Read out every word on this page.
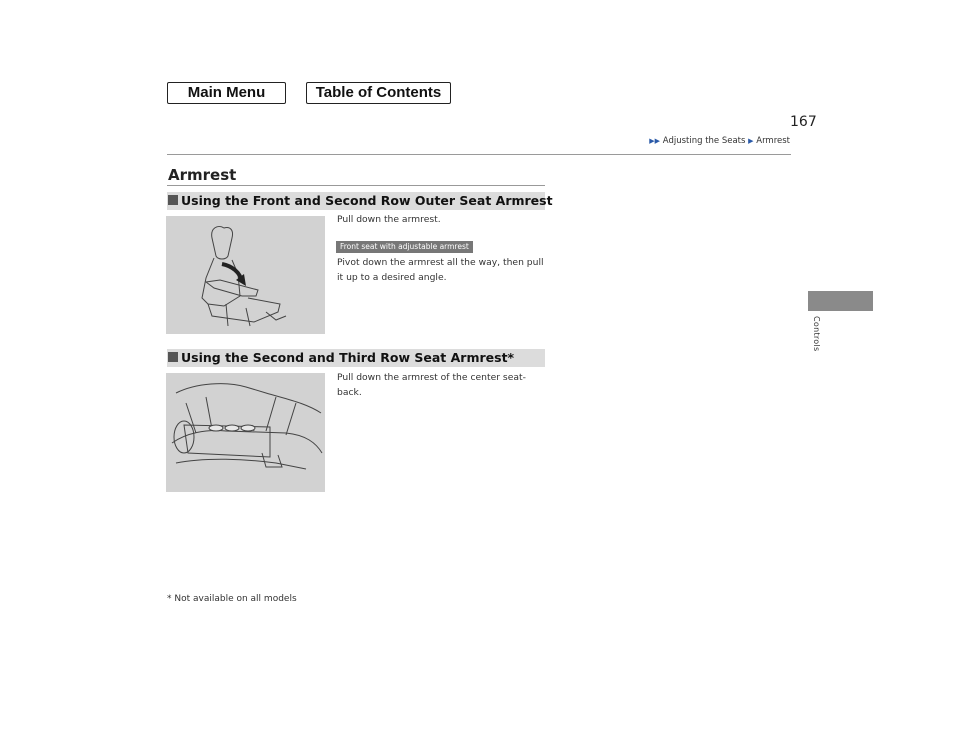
Main Menu	Table of Contents
167
▶▶ Adjusting the Seats ▶ Armrest
Armrest
Using the Front and Second Row Outer Seat Armrest
Pull down the armrest.
Front seat with adjustable armrest
Pivot down the armrest all the way, then pull it up to a desired angle.
Using the Second and Third Row Seat Armrest*
Pull down the armrest of the center seat-back.
Controls
* Not available on all models
